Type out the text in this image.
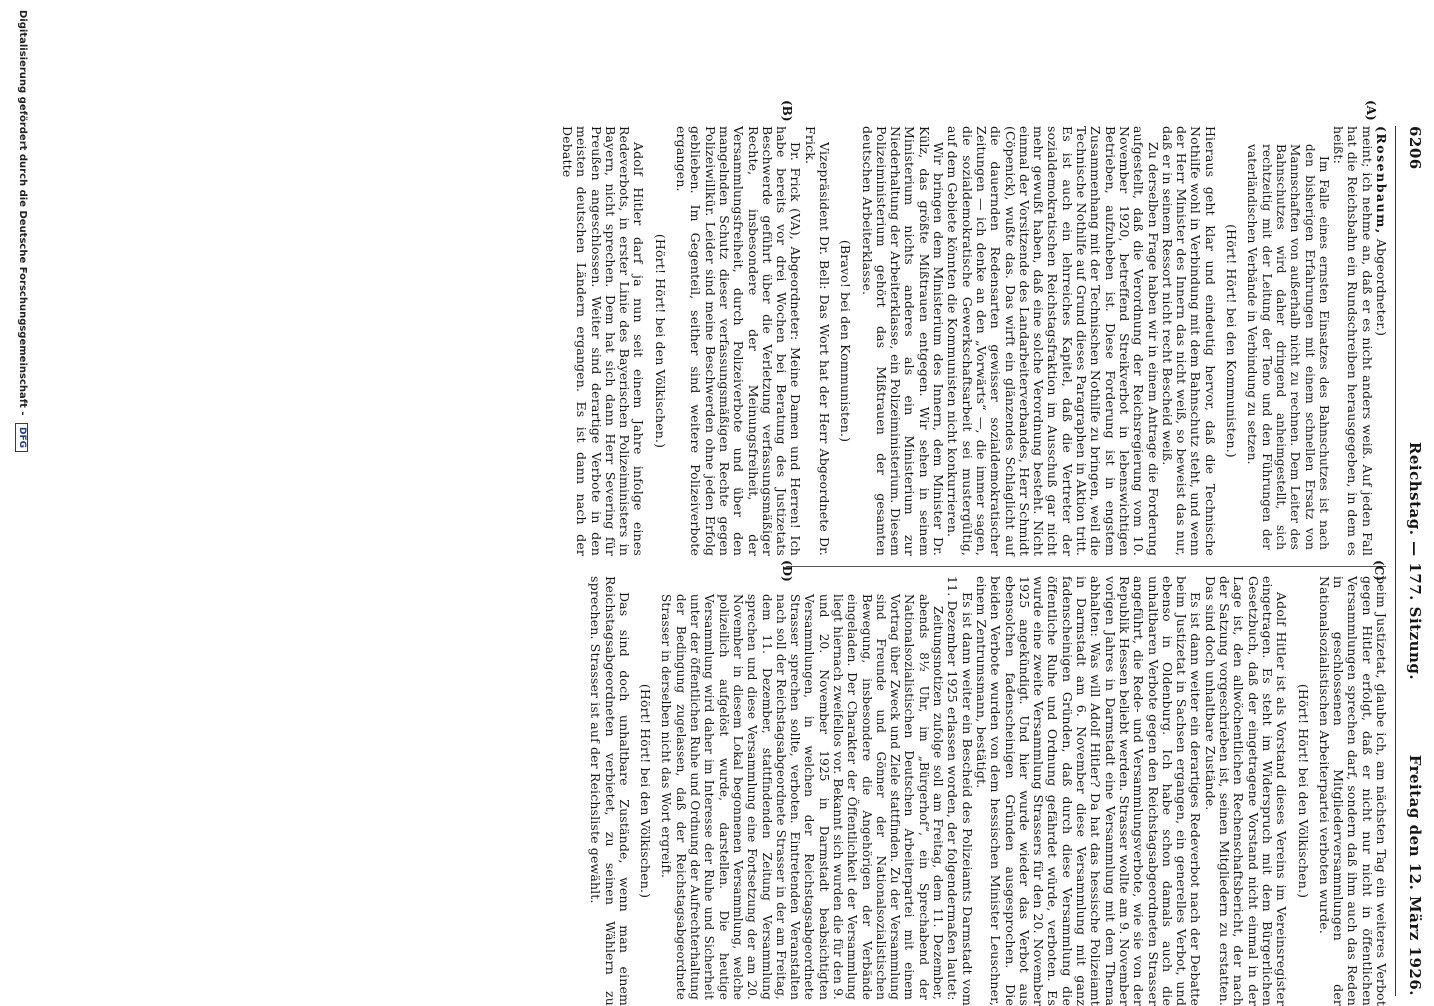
6206
Reichstag. — 177. Sitzung.
Freitag den 12. März 1926.
(A)
(B)
(C)
(D)

(Rosenbaum, Abgeordneter.)

meint; ich nehme an, daß er es nicht anders weiß. Auf jeden Fall hat die Reichsbahn ein Rundschreiben herausgegeben, in dem es heißt:

Im Falle eines ernsten Einsatzes des Bahnschutzes ist nach den bisherigen Erfahrungen mit einem schnellen Ersatz von Mannschaften von außerhalb nicht zu rechnen. Dem Leiter des Bahnschutzes wird daher dringend anheimgestellt, sich rechtzeitig mit der Leitung der Teno und den Führungen der vaterländischen Verbände in Verbindung zu setzen.

(Hört! Hört! bei den Kommunisten.)

Hieraus geht klar und eindeutig hervor, daß die Technische Nothilfe wohl in Verbindung mit dem Bahnschutz steht, und wenn der Herr Minister des Innern das nicht weiß, so beweist das nur, daß er in seinem Ressort nicht recht Bescheid weiß.

Zu derselben Frage haben wir in einem Antrage die Forderung aufgestellt, daß die Verordnung der Reichsregierung vom 10. November 1920, betreffend Streikverbot in lebenswichtigen Betrieben, aufzuheben ist. Diese Forderung ist in engstem Zusammenhang mit der Technischen Nothilfe zu bringen, weil die Technische Nothilfe auf Grund dieses Paragraphen in Aktion tritt. Es ist auch ein lehrreiches Kapitel, daß die Vertreter der sozialdemokratischen Reichstagsfraktion im Ausschuß gar nicht mehr gewußt haben, daß eine solche Verordnung besteht. Nicht einmal der Vorsitzende des Landarbeiterverbandes, Herr Schmidt (Cöpenick), wußte das. Das wirft ein glänzendes Schlaglicht auf die dauernden Redensarten gewisser sozialdemokratischer Zeitungen — ich denke an den „Vorwärts“ —, die immer sagen, die sozialdemokratische Gewerkschaftsarbeit sei mustergültig, auf dem Gebiete könnten die Kommunisten nicht konkurrieren.

Wir bringen dem Ministerium des Innern, dem Minister Dr. Külz, das größte Mißtrauen entgegen. Wir sehen in seinem Ministerium nichts anderes als ein Ministerium zur Niederhaltung der Arbeiterklasse, ein Polizeiministerium. Diesem Polizeiministerium gehört das Mißtrauen der gesamten deutschen Arbeiterklasse.

(Bravo! bei den Kommunisten.)

Vizepräsident Dr. Bell: Das Wort hat der Herr Abgeordnete Dr. Frick.

Dr. Frick (VA), Abgeordneter: Meine Damen und Herren! Ich habe bereits vor drei Wochen bei Beratung des Justizetats Beschwerde geführt über die Verletzung verfassungsmäßiger Rechte, insbesondere der Meinungsfreiheit, der Versammlungsfreiheit, durch Polizeiverbote und über den mangelnden Schutz dieser verfassungsmäßigen Rechte gegen Polizeiwillkür. Leider sind meine Beschwerden ohne jeden Erfolg geblieben. Im Gegenteil, seither sind weitere Polizeiverbote ergangen.

(Hört! Hört! bei den Völkischen.)

Adolf Hitler darf ja nun seit einem Jahre infolge eines Redeverbots, in erster Linie des Bayerischen Polizeiministers in Bayern, nicht sprechen. Dem hat sich dann Herr Severing für Preußen angeschlossen. Weiter sind derartige Verbote in den meisten deutschen Ländern ergangen. Es ist dann nach der Debatte

beim Justizetat, glaube ich, am nächsten Tag ein weiteres Verbot gegen Hitler erfolgt, daß er nicht nur nicht in öffentlichen Versammlungen sprechen darf, sondern daß ihm auch das Reden in geschlossenen Mitgliederversammlungen der Nationalsozialistischen Arbeiterpartei verboten wurde.

(Hört! Hört! bei den Völkischen.)

Adolf Hitler ist als Vorstand dieses Vereins im Vereinsregister eingetragen. Es steht im Widerspruch mit dem Bürgerlichen Gesetzbuch, daß der eingetragene Vorstand nicht einmal in der Lage ist, den allwöchentlichen Rechenschaftsbericht, der nach der Satzung vorgeschrieben ist, seinen Mitgliedern zu erstatten. Das sind doch unhaltbare Zustände.

Es ist dann weiter ein derartiges Redeverbot nach der Debatte beim Justizetat in Sachsen ergangen, ein generelles Verbot, und ebenso in Oldenburg. Ich habe schon damals auch die unhaltbaren Verbote gegen den Reichstagsabgeordneten Strasser angeführt, die Rede- und Versammlungsverbote, wie sie von der Republik Hessen beliebt werden. Strasser wollte am 9. November vorigen Jahres in Darmstadt eine Versammlung mit dem Thema abhalten: Was will Adolf Hitler? Da hat das hessische Polizeiamt in Darmstadt am 6. November diese Versammlung mit ganz fadenscheinigen Gründen, daß durch diese Versammlung die öffentliche Ruhe und Ordnung gefährdet würde, verboten. Es wurde eine zweite Versammlung Strassers für den 20. November 1925 angekündigt. Und hier wurde wieder das Verbot aus ebensolchen fadenscheinigen Gründen ausgesprochen. Die beiden Verbote wurden von dem hessischen Minister Leuschner, einem Zentrumsmann, bestätigt.

Es ist dann weiter ein Bescheid des Polizeiamts Darmstadt vom 11. Dezember 1925 erlassen worden, der folgendermaßen lautet:

Zeitungsnotizen zufolge soll am Freitag, dem 11. Dezember, abends 8½ Uhr, im „Bürgerhof“, ein Sprechabend der Nationalsozialistischen Deutschen Arbeiterpartei mit einem Vortrag über Zweck und Ziele stattfinden. Zu der Versammlung sind Freunde und Gönner der Nationalsozialistischen Bewegung, insbesondere die Angehörigen der Verbände eingeladen. Der Charakter der Öffentlichkeit der Versammlung liegt hiernach zweifellos vor. Bekannt sich wurden die für den 9. und 20. November 1925 in Darmstadt beabsichtigten Versammlungen, in welchen der Reichstagsabgeordnete Strasser sprechen sollte, verboten. Eintretenden Veranstalten nach soll der Reichstagsabgeordnete Strasser in der am Freitag, dem 11. Dezember, stattfindenden Zeitung Versammlung sprechen und diese Versammlung eine Fortsetzung der am 20. November in diesem Lokal begonnenen Versammlung, welche polizeilich aufgelöst wurde, darstellen. Die heutige Versammlung wird daher im Interesse der Ruhe und Sicherheit unter der öffentlichen Ruhe und Ordnung der Aufrechterhaltung der Bedingung zugelassen, daß der Reichstagsabgeordnete Strasser in derselben nicht das Wort ergreift.

(Hört! Hört! bei den Völkischen.)

Das sind doch unhaltbare Zustände, wenn man einem Reichstagsabgeordneten verbietet, zu seinen Wählern zu sprechen. Strasser ist auf der Reichsliste gewählt.

Digitalisierung gefördert durch die Deutsche Forschungsgemeinschaft - DFG
